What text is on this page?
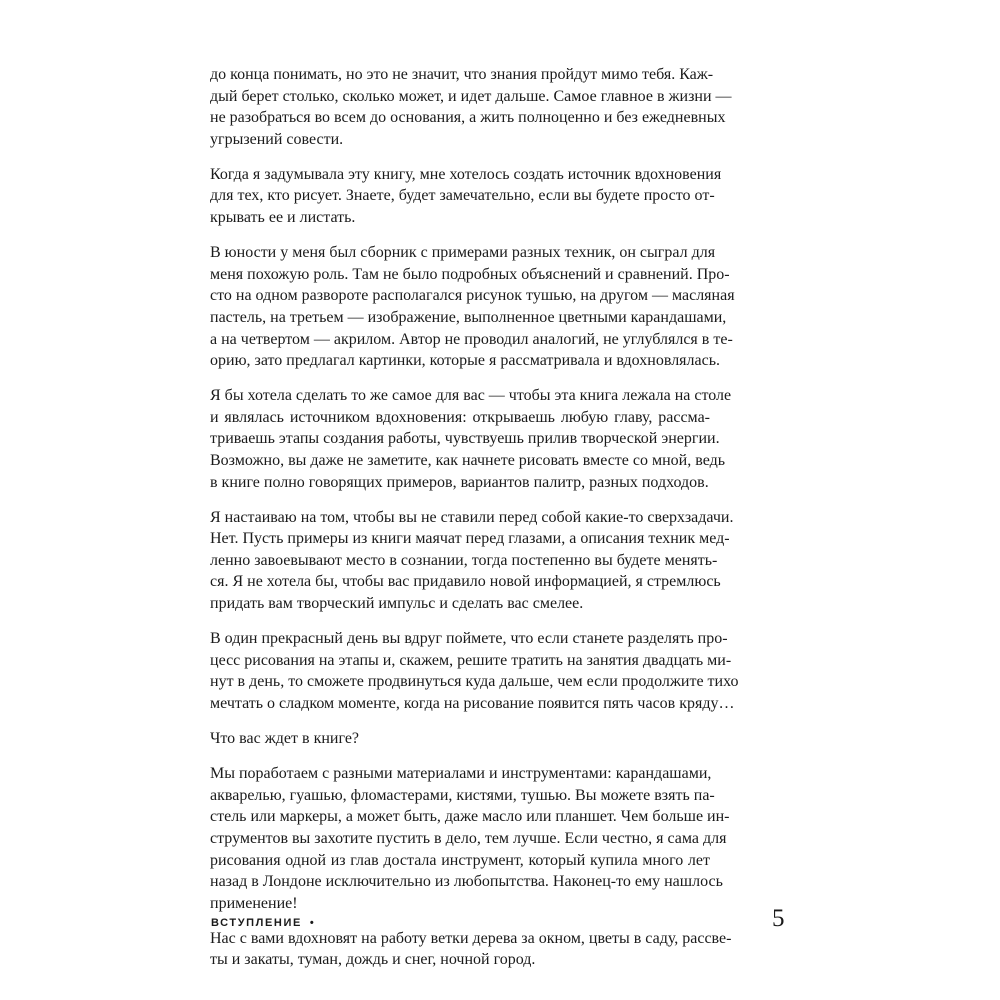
до конца понимать, но это не значит, что знания пройдут мимо тебя. Каж-
дый берет столько, сколько может, и идет дальше. Самое главное в жизни —
не разобраться во всем до основания, а жить полноценно и без ежедневных
угрызений совести.
Когда я задумывала эту книгу, мне хотелось создать источник вдохновения
для тех, кто рисует. Знаете, будет замечательно, если вы будете просто от-
крывать ее и листать.
В юности у меня был сборник с примерами разных техник, он сыграл для
меня похожую роль. Там не было подробных объяснений и сравнений. Про-
сто на одном развороте располагался рисунок тушью, на другом — масляная
пастель, на третьем — изображение, выполненное цветными карандашами,
а на четвертом — акрилом. Автор не проводил аналогий, не углублялся в те-
орию, зато предлагал картинки, которые я рассматривала и вдохновлялась.
Я бы хотела сделать то же самое для вас — чтобы эта книга лежала на столе
и являлась источником вдохновения: открываешь любую главу, рассма-
триваешь этапы создания работы, чувствуешь прилив творческой энергии.
Возможно, вы даже не заметите, как начнете рисовать вместе со мной, ведь
в книге полно говорящих примеров, вариантов палитр, разных подходов.
Я настаиваю на том, чтобы вы не ставили перед собой какие-то сверхзадачи.
Нет. Пусть примеры из книги маячат перед глазами, а описания техник мед-
ленно завоевывают место в сознании, тогда постепенно вы будете менять-
ся. Я не хотела бы, чтобы вас придавило новой информацией, я стремлюсь
придать вам творческий импульс и сделать вас смелее.
В один прекрасный день вы вдруг поймете, что если станете разделять про-
цесс рисования на этапы и, скажем, решите тратить на занятия двадцать ми-
нут в день, то сможете продвинуться куда дальше, чем если продолжите тихо
мечтать о сладком моменте, когда на рисование появится пять часов кряду…
Что вас ждет в книге?
Мы поработаем с разными материалами и инструментами: карандашами,
акварелью, гуашью, фломастерами, кистями, тушью. Вы можете взять па-
стель или маркеры, а может быть, даже масло или планшет. Чем больше ин-
струментов вы захотите пустить в дело, тем лучше. Если честно, я сама для
рисования одной из глав достала инструмент, который купила много лет
назад в Лондоне исключительно из любопытства. Наконец-то ему нашлось
применение!
Нас с вами вдохновят на работу ветки дерева за окном, цветы в саду, рассве-
ты и закаты, туман, дождь и снег, ночной город.
ВСТУПЛЕНИЕ •	5
